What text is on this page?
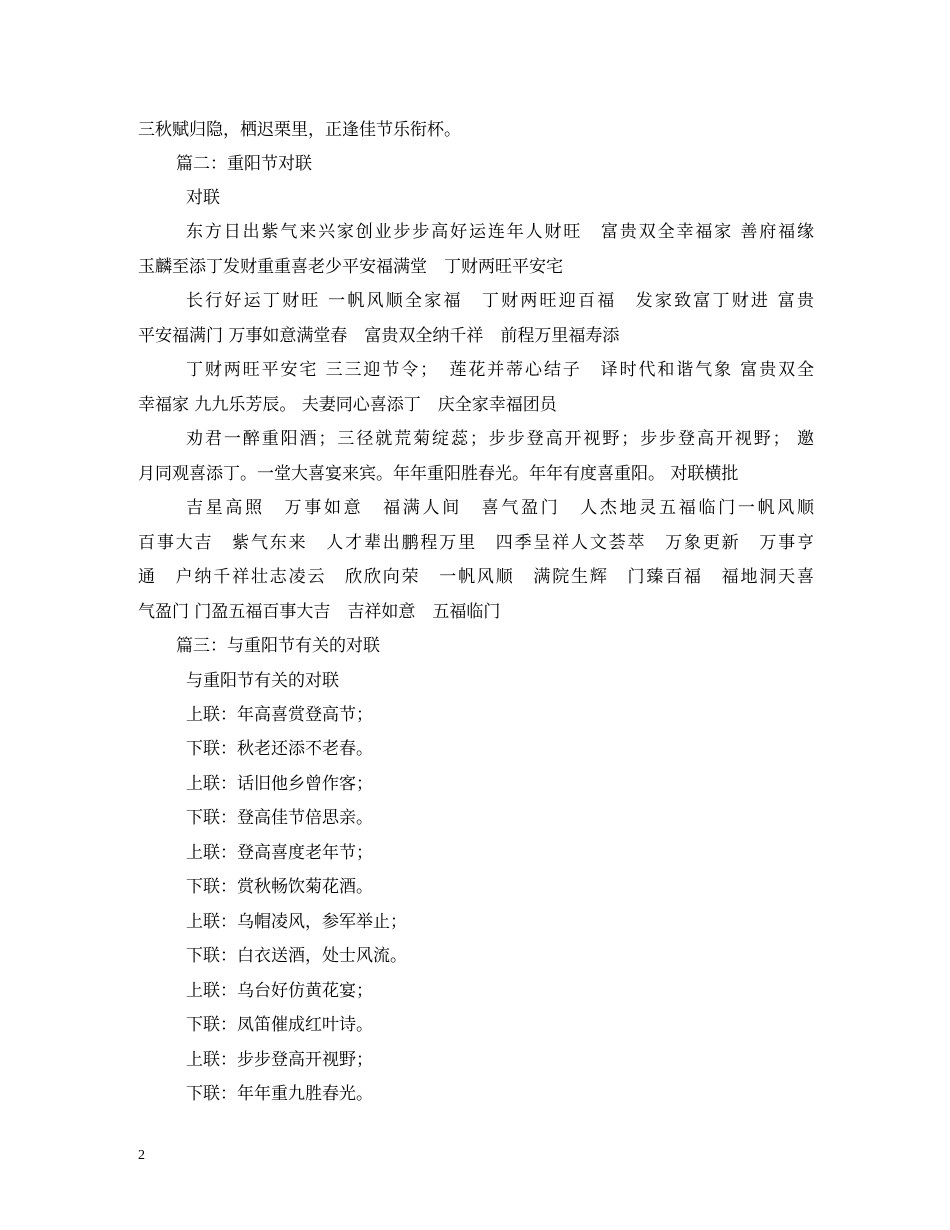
三秋赋归隐，栖迟栗里，正逢佳节乐衔杯。
篇二：重阳节对联
对联
东方日出紫气来兴家创业步步高好运连年人财旺　富贵双全幸福家 善府福缘
玉麟至添丁发财重重喜老少平安福满堂　丁财两旺平安宅
长行好运丁财旺 一帆风顺全家福　丁财两旺迎百福　发家致富丁财进 富贵
平安福满门 万事如意满堂春　富贵双全纳千祥　前程万里福寿添
丁财两旺平安宅 三三迎节令；　莲花并蒂心结子　译时代和谐气象 富贵双全
幸福家 九九乐芳辰。 夫妻同心喜添丁　庆全家幸福团员
劝君一醉重阳酒；三径就荒菊绽蕊；步步登高开视野；步步登高开视野； 邀
月同观喜添丁。一堂大喜宴来宾。年年重阳胜春光。年年有度喜重阳。 对联横批
吉星高照　万事如意　福满人间　喜气盈门　人杰地灵五福临门一帆风顺
百事大吉　紫气东来　人才辈出鹏程万里　四季呈祥人文荟萃　万象更新　万事亨
通　户纳千祥壮志凌云　欣欣向荣　一帆风顺　满院生辉　门臻百福　福地洞天喜
气盈门 门盈五福百事大吉　吉祥如意　五福临门
篇三：与重阳节有关的对联
与重阳节有关的对联
上联：年高喜赏登高节；
下联：秋老还添不老春。
上联：话旧他乡曾作客；
下联：登高佳节倍思亲。
上联：登高喜度老年节；
下联：赏秋畅饮菊花酒。
上联：乌帽凌风，参军举止；
下联：白衣送酒，处士风流。
上联：乌台好仿黄花宴；
下联：凤笛催成红叶诗。
上联：步步登高开视野；
下联：年年重九胜春光。
2
